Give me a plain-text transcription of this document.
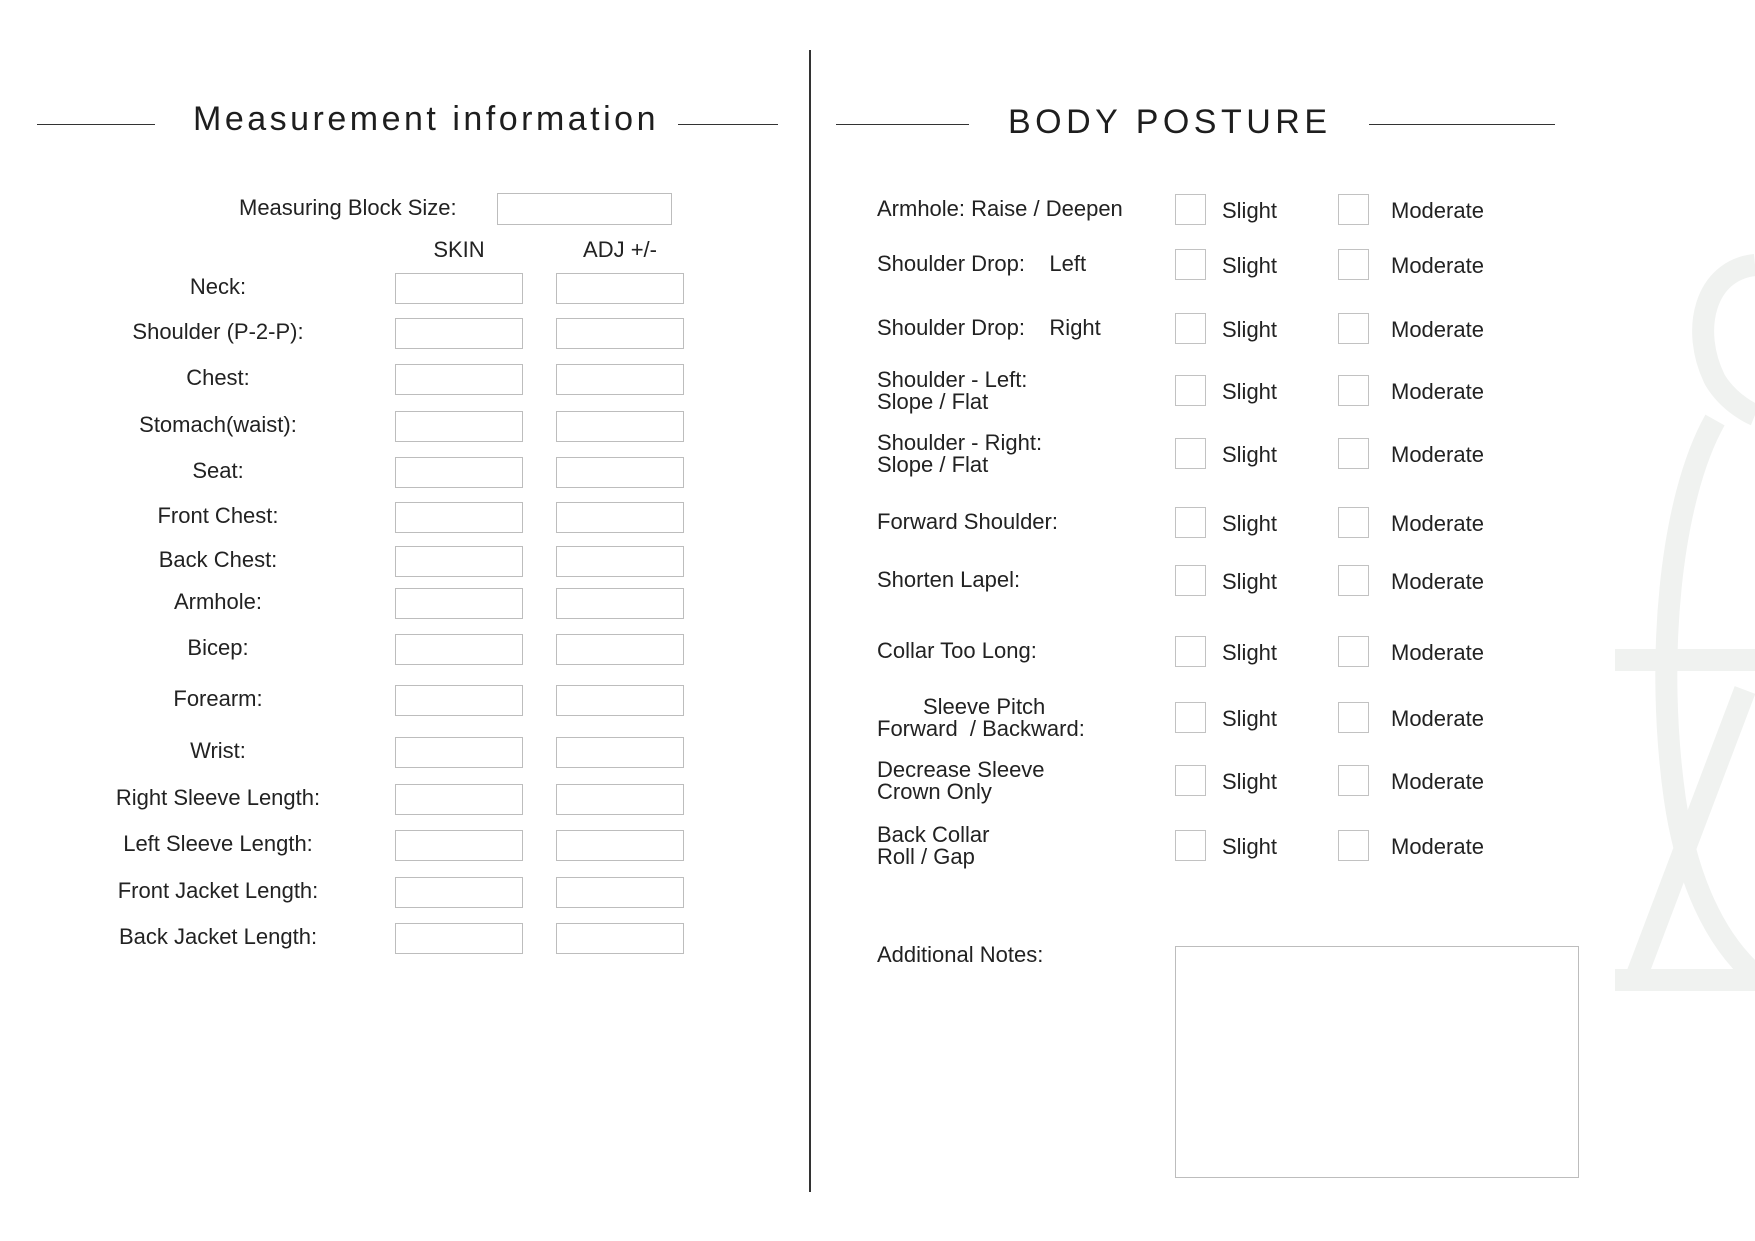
Measurement information
Measuring Block Size:
SKIN	ADJ +/-
Neck:
Shoulder (P-2-P):
Chest:
Stomach(waist):
Seat:
Front Chest:
Back Chest:
Armhole:
Bicep:
Forearm:
Wrist:
Right Sleeve Length:
Left Sleeve Length:
Front Jacket Length:
Back Jacket Length:
BODY POSTURE
Armhole: Raise / Deepen	Slight	Moderate
Shoulder Drop:    Left	Slight	Moderate
Shoulder Drop:    Right	Slight	Moderate
Shoulder - Left:
Slope / Flat	Slight	Moderate
Shoulder - Right:
Slope / Flat	Slight	Moderate
Forward Shoulder:	Slight	Moderate
Shorten Lapel:	Slight	Moderate
Collar Too Long:	Slight	Moderate
Sleeve Pitch
Forward  / Backward:	Slight	Moderate
Decrease Sleeve
Crown Only	Slight	Moderate
Back Collar
Roll / Gap	Slight	Moderate
Additional Notes:
